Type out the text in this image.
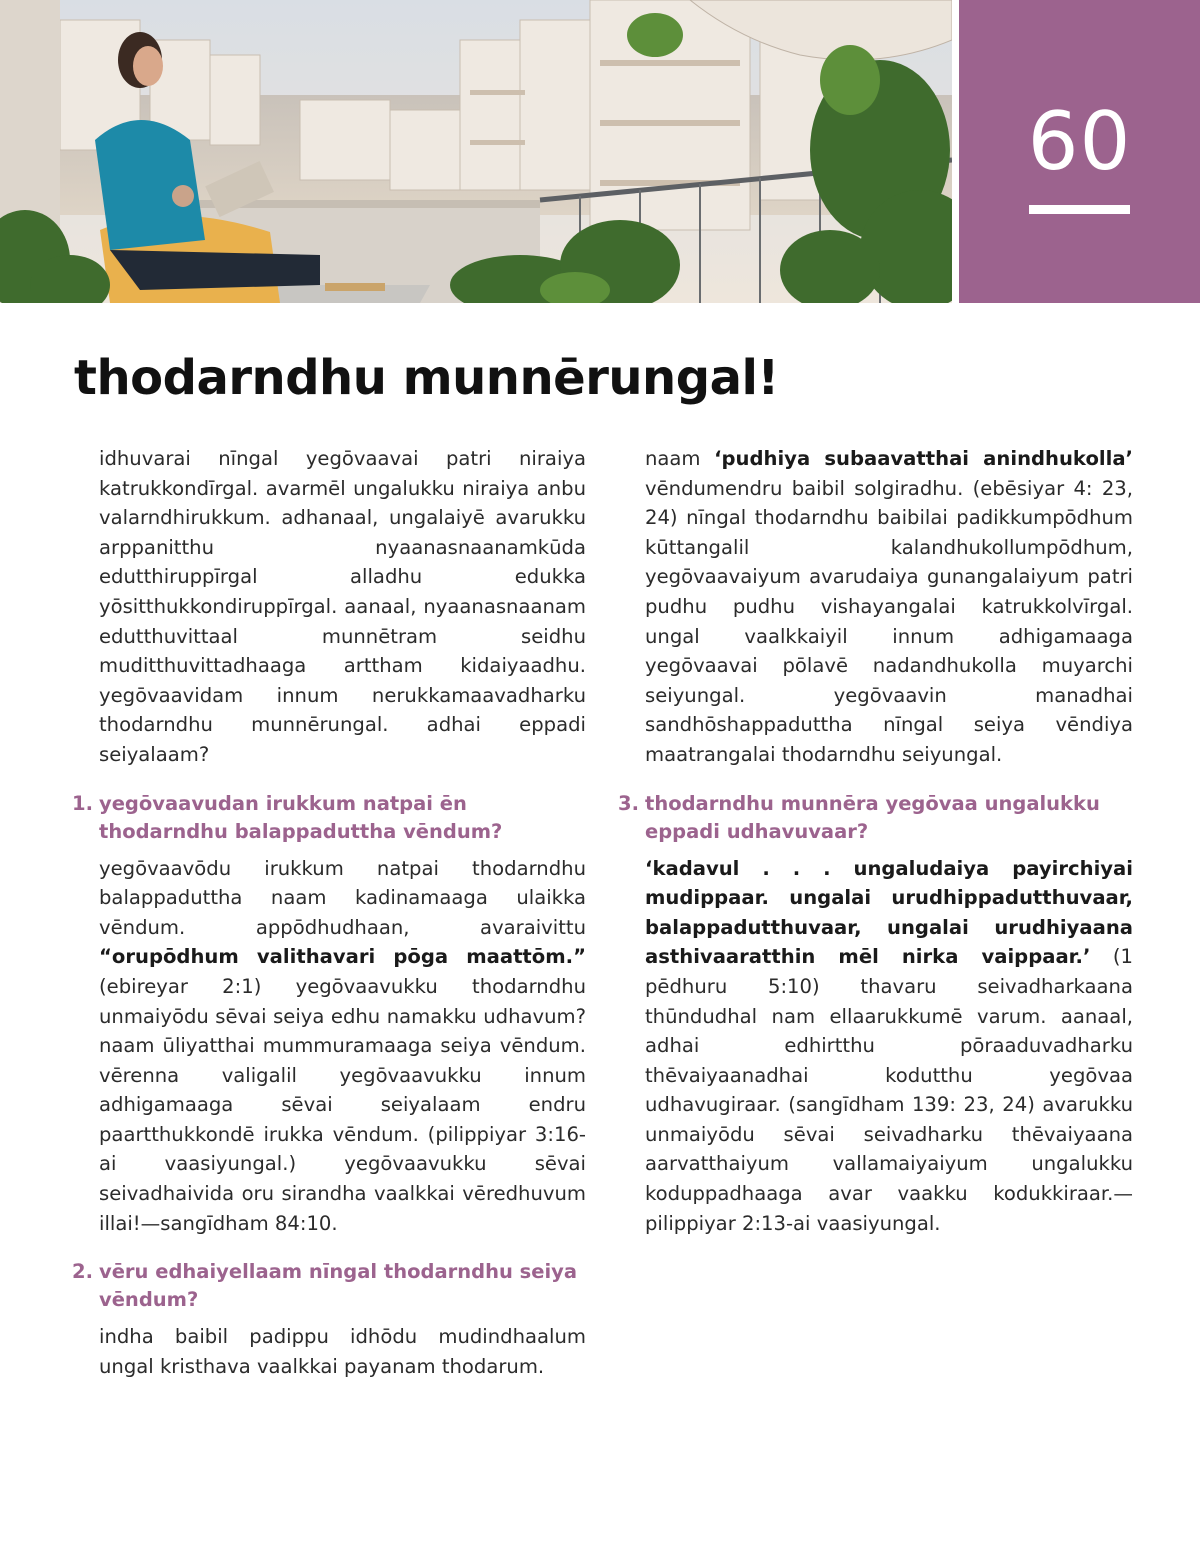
60
thodarndhu munnērungal!

idhuvarai nīngal yegōvaavai patri niraiya katrukkondīrgal. avarmēl ungalukku niraiya anbu valarndhirukkum. adhanaal, ungalaiyē avarukku arppanitthu nyaanasnaanamkūda edutthiruppīrgal alladhu edukka yōsitthukkondiruppīrgal. aanaal, nyaanasnaanam edutthuvittaal munnētram seidhu muditthuvittadhaaga arttham kidaiyaadhu. yegōvaavidam innum nerukkamaavadharku thodarndhu munnērungal. adhai eppadi seiyalaam?

1. yegōvaavudan irukkum natpai ēn thodarndhu balappaduttha vēndum?

yegōvaavōdu irukkum natpai thodarndhu balappaduttha naam kadinamaaga ulaikka vēndum. appōdhudhaan, avaraivittu “orupōdhum valithavari pōga maattōm.” (ebireyar 2:1) yegōvaavukku thodarndhu unmaiyōdu sēvai seiya edhu namakku udhavum? naam ūliyatthai mummuramaaga seiya vēndum. vērenna valigalil yegōvaavukku innum adhigamaaga sēvai seiyalaam endru paartthukkondē irukka vēndum. (pilippiyar 3:16-ai vaasiyungal.) yegōvaavukku sēvai seivadhaivida oru sirandha vaalkkai vēredhuvum illai!—sangīdham 84:10.

2. vēru edhaiyellaam nīngal thodarndhu seiya vēndum?

indha baibil padippu idhōdu mudindhaalum ungal kristhava vaalkkai payanam thodarum.

naam ‘pudhiya subaavatthai anindhukolla’ vēndumendru baibil solgiradhu. (ebēsiyar 4: 23, 24) nīngal thodarndhu baibilai padikkumpōdhum kūttangalil kalandhukollumpōdhum, yegōvaavaiyum avarudaiya gunangalaiyum patri pudhu pudhu vishayangalai katrukkolvīrgal. ungal vaalkkaiyil innum adhigamaaga yegōvaavai pōlavē nadandhukolla muyarchi seiyungal. yegōvaavin manadhai sandhōshappaduttha nīngal seiya vēndiya maatrangalai thodarndhu seiyungal.

3. thodarndhu munnēra yegōvaa ungalukku eppadi udhavuvaar?

‘kadavul . . . ungaludaiya payirchiyai mudippaar. ungalai urudhippadutthuvaar, balappadutthuvaar, ungalai urudhiyaana asthivaaratthin mēl nirka vaippaar.’ (1 pēdhuru 5:10) thavaru seivadharkaana thūndudhal nam ellaarukkumē varum. aanaal, adhai edhirtthu pōraaduvadharku thēvaiyaanadhai kodutthu yegōvaa udhavugiraar. (sangīdham 139: 23, 24) avarukku unmaiyōdu sēvai seivadharku thēvaiyaana aarvatthaiyum vallamaiyaiyum ungalukku koduppadhaaga avar vaakku kodukkiraar.—pilippiyar 2:13-ai vaasiyungal.
